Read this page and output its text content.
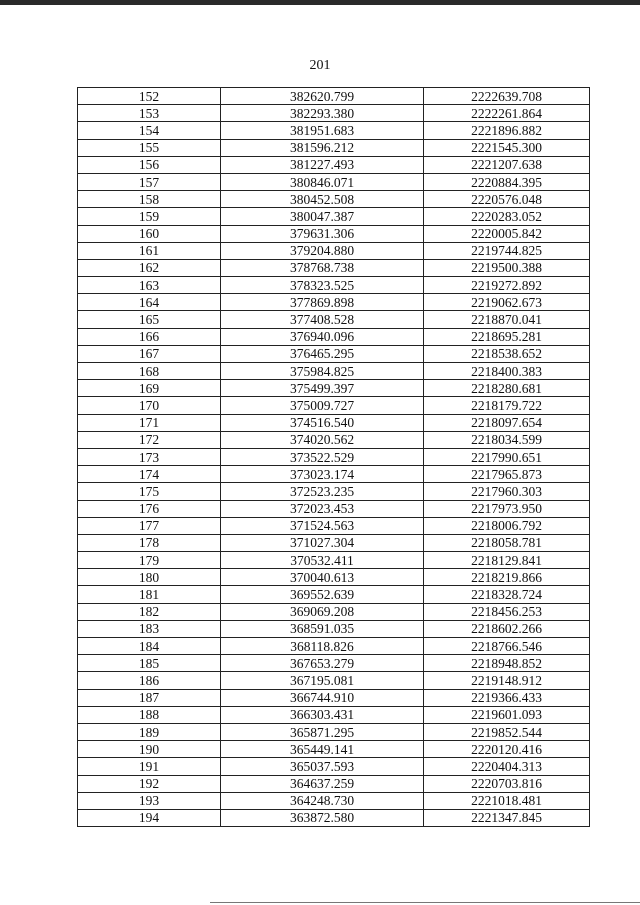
201
152	382620.799	2222639.708
153	382293.380	2222261.864
154	381951.683	2221896.882
155	381596.212	2221545.300
156	381227.493	2221207.638
157	380846.071	2220884.395
158	380452.508	2220576.048
159	380047.387	2220283.052
160	379631.306	2220005.842
161	379204.880	2219744.825
162	378768.738	2219500.388
163	378323.525	2219272.892
164	377869.898	2219062.673
165	377408.528	2218870.041
166	376940.096	2218695.281
167	376465.295	2218538.652
168	375984.825	2218400.383
169	375499.397	2218280.681
170	375009.727	2218179.722
171	374516.540	2218097.654
172	374020.562	2218034.599
173	373522.529	2217990.651
174	373023.174	2217965.873
175	372523.235	2217960.303
176	372023.453	2217973.950
177	371524.563	2218006.792
178	371027.304	2218058.781
179	370532.411	2218129.841
180	370040.613	2218219.866
181	369552.639	2218328.724
182	369069.208	2218456.253
183	368591.035	2218602.266
184	368118.826	2218766.546
185	367653.279	2218948.852
186	367195.081	2219148.912
187	366744.910	2219366.433
188	366303.431	2219601.093
189	365871.295	2219852.544
190	365449.141	2220120.416
191	365037.593	2220404.313
192	364637.259	2220703.816
193	364248.730	2221018.481
194	363872.580	2221347.845
